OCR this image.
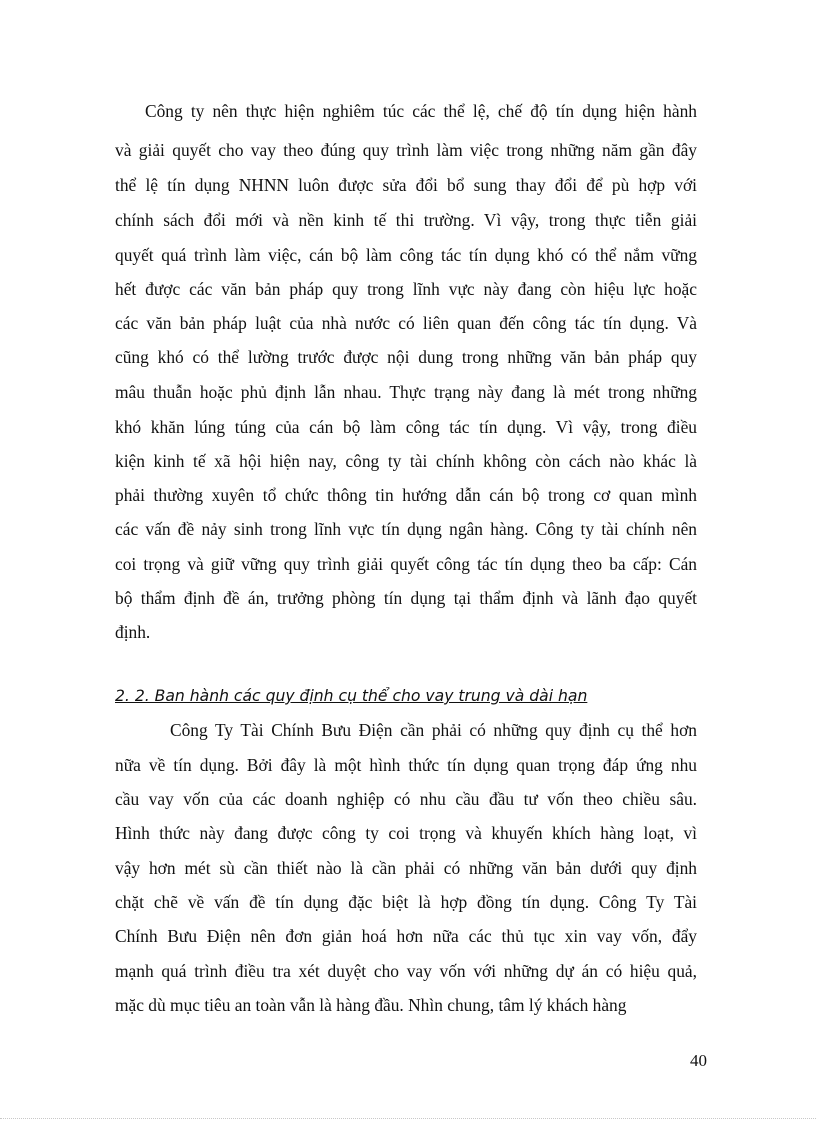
Công ty nên thực hiện nghiêm túc các thể lệ, chế độ tín dụng hiện hành
và giải quyết cho vay theo đúng quy trình làm việc trong những năm gần đây
thể lệ tín dụng NHNN luôn được sửa đổi bổ sung thay đổi để pù hợp với
chính sách đổi mới và nền kinh tế thi trường. Vì vậy, trong thực tiễn giải
quyết quá trình làm việc, cán bộ làm công tác tín dụng khó có thể nắm vững
hết được các văn bản pháp quy trong lĩnh vực này đang còn hiệu lực hoặc
các văn bản pháp luật của nhà nước có liên quan đến công tác tín dụng. Và
cũng khó có thể lường trước được nội dung trong những văn bản pháp quy
mâu thuẫn hoặc phủ định lẫn nhau. Thực trạng này đang là mét trong những
khó khăn lúng túng của cán bộ làm công tác tín dụng. Vì vậy, trong điều
kiện kinh tế xã hội hiện nay, công ty tài chính không còn cách nào khác là
phải thường xuyên tổ chức thông tin hướng dẫn cán bộ trong cơ quan mình
các vấn đề nảy sinh trong lĩnh vực tín dụng ngân hàng. Công ty tài chính nên
coi trọng và giữ vững quy trình giải quyết công tác tín dụng theo ba cấp: Cán
bộ thẩm định đề án, trưởng phòng tín dụng tại thẩm định và lãnh đạo quyết
định.
2. 2. Ban hành các quy định cụ thể cho vay trung và dài hạn
Công Ty Tài Chính Bưu Điện cần phải có những quy định cụ thể hơn
nữa về tín dụng. Bởi đây là một hình thức tín dụng quan trọng đáp ứng nhu
cầu vay vốn của các doanh nghiệp có nhu cầu đầu tư vốn theo chiều sâu.
Hình thức này đang được công ty coi trọng và khuyến khích hàng loạt, vì
vậy hơn mét sù cần thiết nào là cần phải có những văn bản dưới quy định
chặt chẽ về vấn đề tín dụng đặc biệt là hợp đồng tín dụng. Công Ty Tài
Chính Bưu Điện nên đơn giản hoá hơn nữa các thủ tục xin vay vốn, đẩy
mạnh quá trình điều tra xét duyệt cho vay vốn với những dự án có hiệu quả,
mặc dù mục tiêu an toàn vẫn là hàng đầu. Nhìn chung, tâm lý khách hàng
40
